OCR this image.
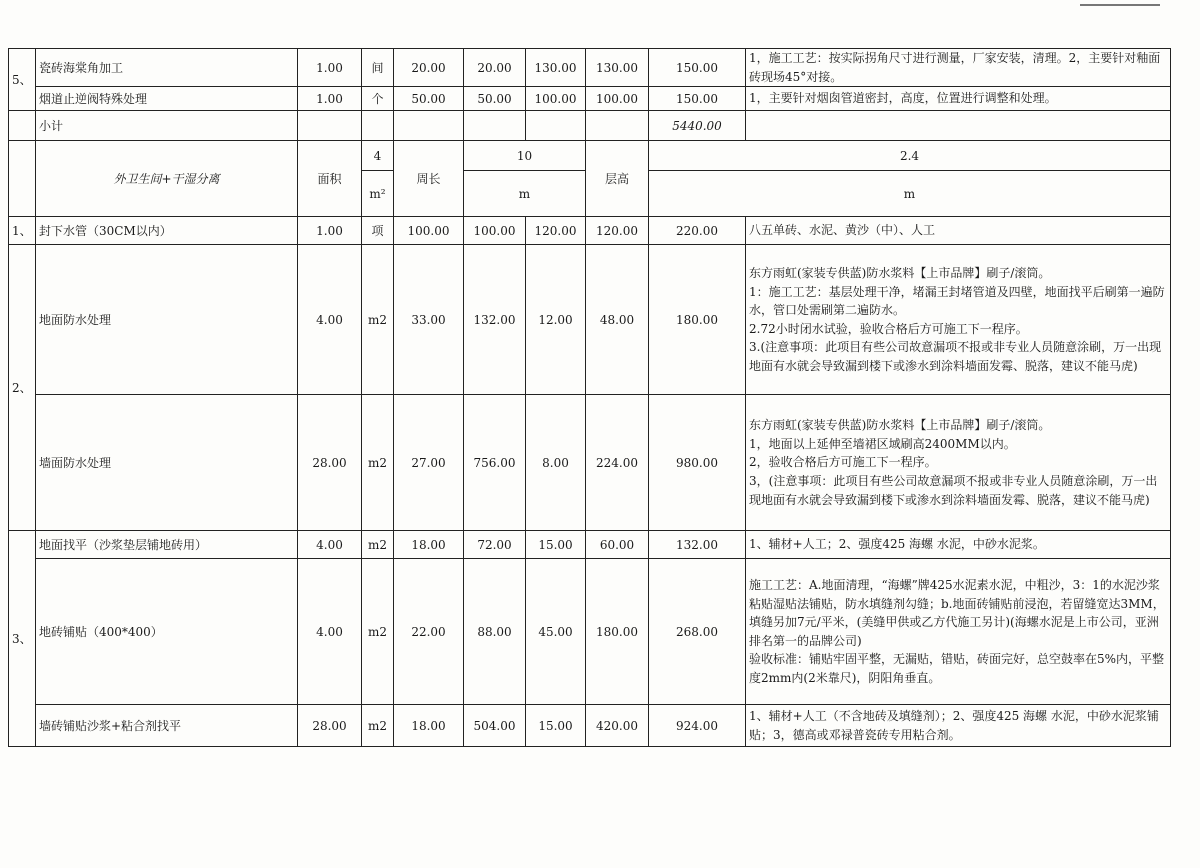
5、	瓷砖海棠角加工	1.00	间	20.00	20.00	130.00	130.00	150.00	1，施工工艺：按实际拐角尺寸进行测量，厂家安装，清理。2，主要针对釉面砖现场45°对接。	
	烟道止逆阀特殊处理	1.00	个	50.00	50.00	100.00	100.00	150.00	1，主要针对烟囱管道密封，高度，位置进行调整和处理。	
	小计							5440.00		
	外卫生间+干湿分离	面积	4	周长	10		层高	2.4		
			m²		m			m		
1、	封下水管（30CM以内）	1.00	项	100.00	100.00	120.00	120.00	220.00	八五单砖、水泥、黄沙（中）、人工	
2、	地面防水处理	4.00	m2	33.00	132.00	12.00	48.00	180.00	东方雨虹(家装专供蓝)防水浆料【上市品牌】刷子/滚筒。
1：施工工艺：基层处理干净，堵漏王封堵管道及四壁，地面找平后刷第一遍防水，管口处需刷第二遍防水。
2.72小时闭水试验，验收合格后方可施工下一程序。
3.(注意事项：此项目有些公司故意漏项不报或非专业人员随意涂刷，万一出现地面有水就会导致漏到楼下或渗水到涂料墙面发霉、脱落，建议不能马虎)	

	墙面防水处理	28.00	m2	27.00	756.00	8.00	224.00	980.00	东方雨虹(家装专供蓝)防水浆料【上市品牌】刷子/滚筒。
1，地面以上延伸至墙裙区域刷高2400MM以内。
2，验收合格后方可施工下一程序。
3，(注意事项：此项目有些公司故意漏项不报或非专业人员随意涂刷，万一出现地面有水就会导致漏到楼下或渗水到涂料墙面发霉、脱落，建议不能马虎)	

3、	地面找平（沙浆垫层铺地砖用）	4.00	m2	18.00	72.00	15.00	60.00	132.00	1、辅材+人工；2、强度425 海螺 水泥，中砂水泥浆。	
	地砖铺贴（400*400）	4.00	m2	22.00	88.00	45.00	180.00	268.00	施工工艺：A.地面清理，“海螺”牌425水泥素水泥，中粗沙，3：1的水泥沙浆粘贴湿贴法铺贴，防水填缝剂勾缝；b.地面砖铺贴前浸泡，若留缝宽达3MM，填缝另加7元/平米，(美缝甲供或乙方代施工另计)(海螺水泥是上市公司，亚洲排名第一的品牌公司)
验收标准：铺贴牢固平整，无漏贴，错贴，砖面完好，总空鼓率在5%内，平整度2mm内(2米靠尺)，阴阳角垂直。	

	墙砖铺贴沙浆+粘合剂找平	28.00	m2	18.00	504.00	15.00	420.00	924.00	1、辅材+人工（不含地砖及填缝剂）；2、强度425 海螺 水泥，中砂水泥浆铺贴；3，德高或邓禄普瓷砖专用粘合剂。	
